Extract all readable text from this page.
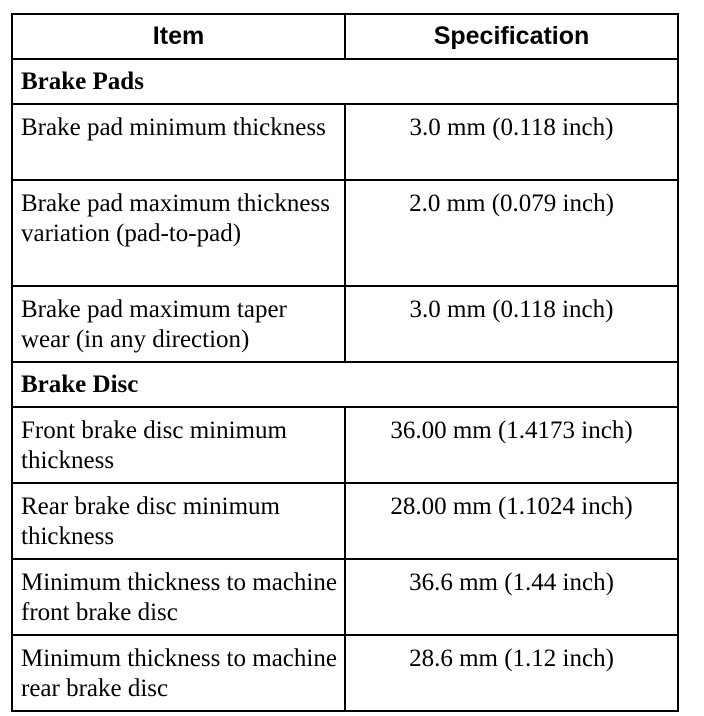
Item	Specification
Brake Pads	
Brake pad minimum thickness	3.0 mm (0.118 inch)
Brake pad maximum thickness variation (pad-to-pad)	2.0 mm (0.079 inch)
Brake pad maximum taper wear (in any direction)	3.0 mm (0.118 inch)
Brake Disc	
Front brake disc minimum thickness	36.00 mm (1.4173 inch)
Rear brake disc minimum thickness	28.00 mm (1.1024 inch)
Minimum thickness to machine front brake disc	36.6 mm (1.44 inch)
Minimum thickness to machine rear brake disc	28.6 mm (1.12 inch)
